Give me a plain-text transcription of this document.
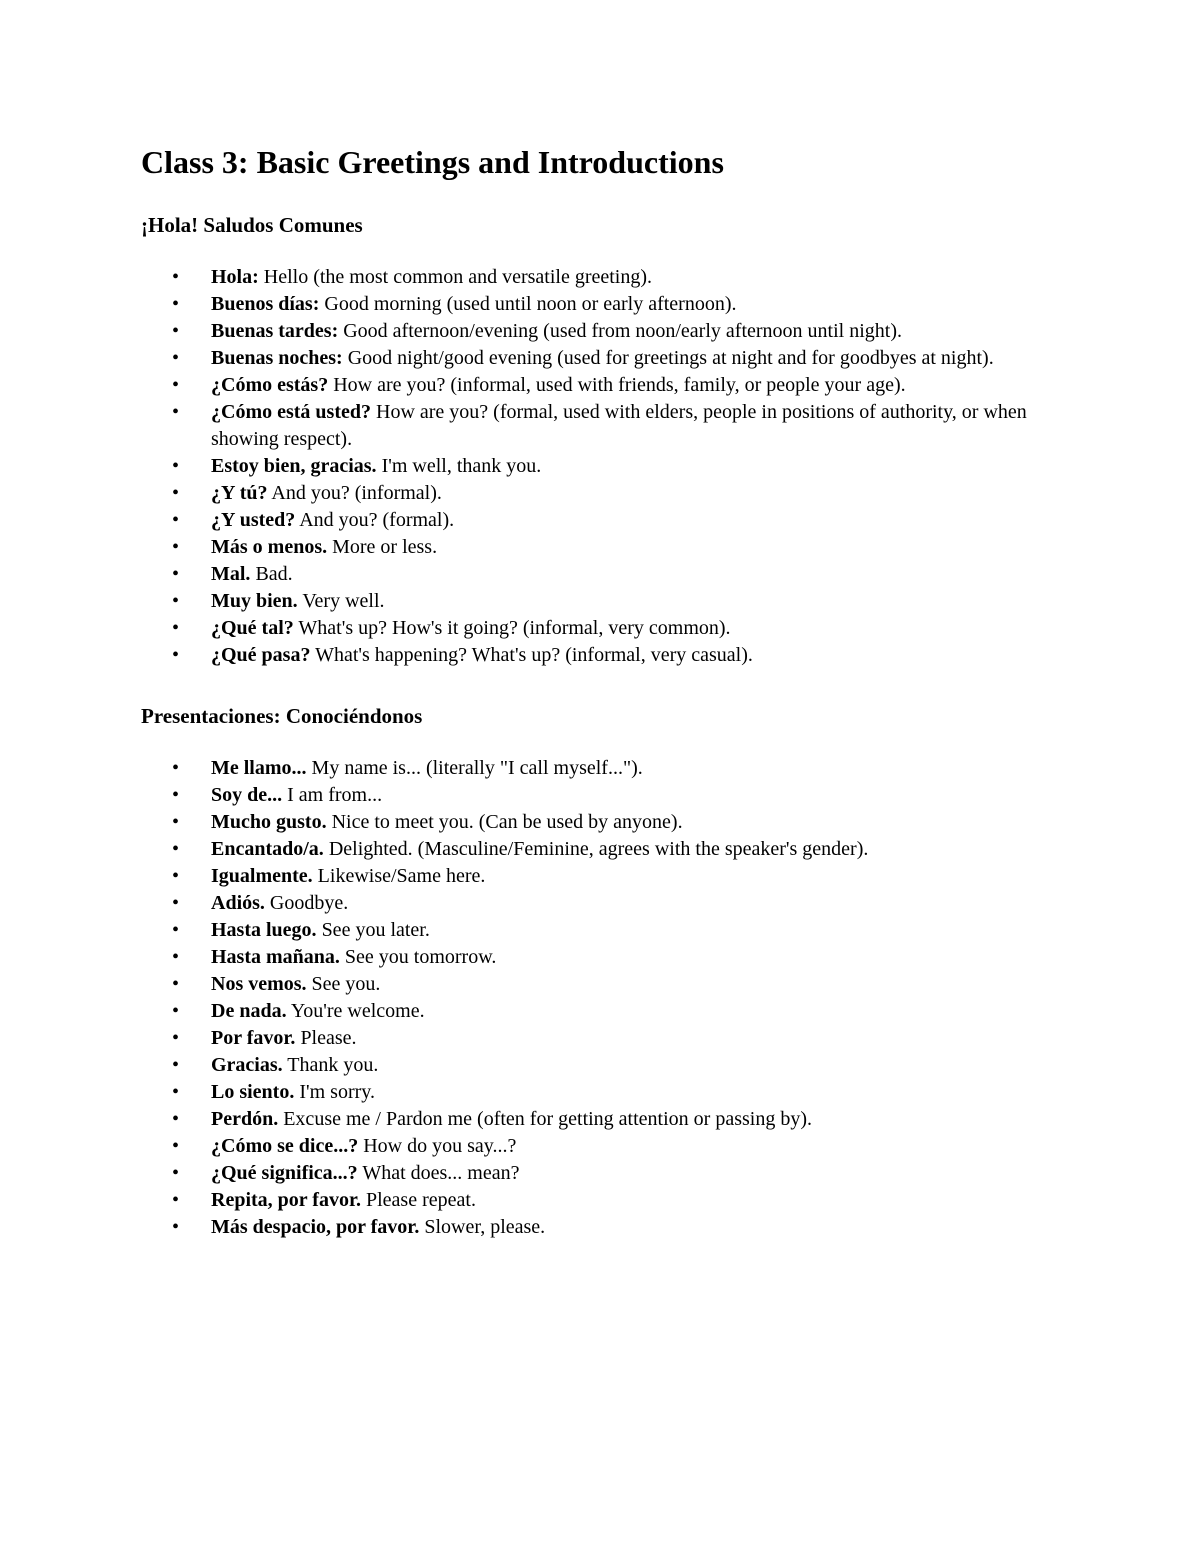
Class 3: Basic Greetings and Introductions
¡Hola! Saludos Comunes
• Hola: Hello (the most common and versatile greeting).
• Buenos días: Good morning (used until noon or early afternoon).
• Buenas tardes: Good afternoon/evening (used from noon/early afternoon until night).
• Buenas noches: Good night/good evening (used for greetings at night and for goodbyes at night).
• ¿Cómo estás? How are you? (informal, used with friends, family, or people your age).
• ¿Cómo está usted? How are you? (formal, used with elders, people in positions of authority, or when showing respect).
• Estoy bien, gracias. I'm well, thank you.
• ¿Y tú? And you? (informal).
• ¿Y usted? And you? (formal).
• Más o menos. More or less.
• Mal. Bad.
• Muy bien. Very well.
• ¿Qué tal? What's up? How's it going? (informal, very common).
• ¿Qué pasa? What's happening? What's up? (informal, very casual).
Presentaciones: Conociéndonos
• Me llamo... My name is... (literally "I call myself...").
• Soy de... I am from...
• Mucho gusto. Nice to meet you. (Can be used by anyone).
• Encantado/a. Delighted. (Masculine/Feminine, agrees with the speaker's gender).
• Igualmente. Likewise/Same here.
• Adiós. Goodbye.
• Hasta luego. See you later.
• Hasta mañana. See you tomorrow.
• Nos vemos. See you.
• De nada. You're welcome.
• Por favor. Please.
• Gracias. Thank you.
• Lo siento. I'm sorry.
• Perdón. Excuse me / Pardon me (often for getting attention or passing by).
• ¿Cómo se dice...? How do you say...?
• ¿Qué significa...? What does... mean?
• Repita, por favor. Please repeat.
• Más despacio, por favor. Slower, please.
